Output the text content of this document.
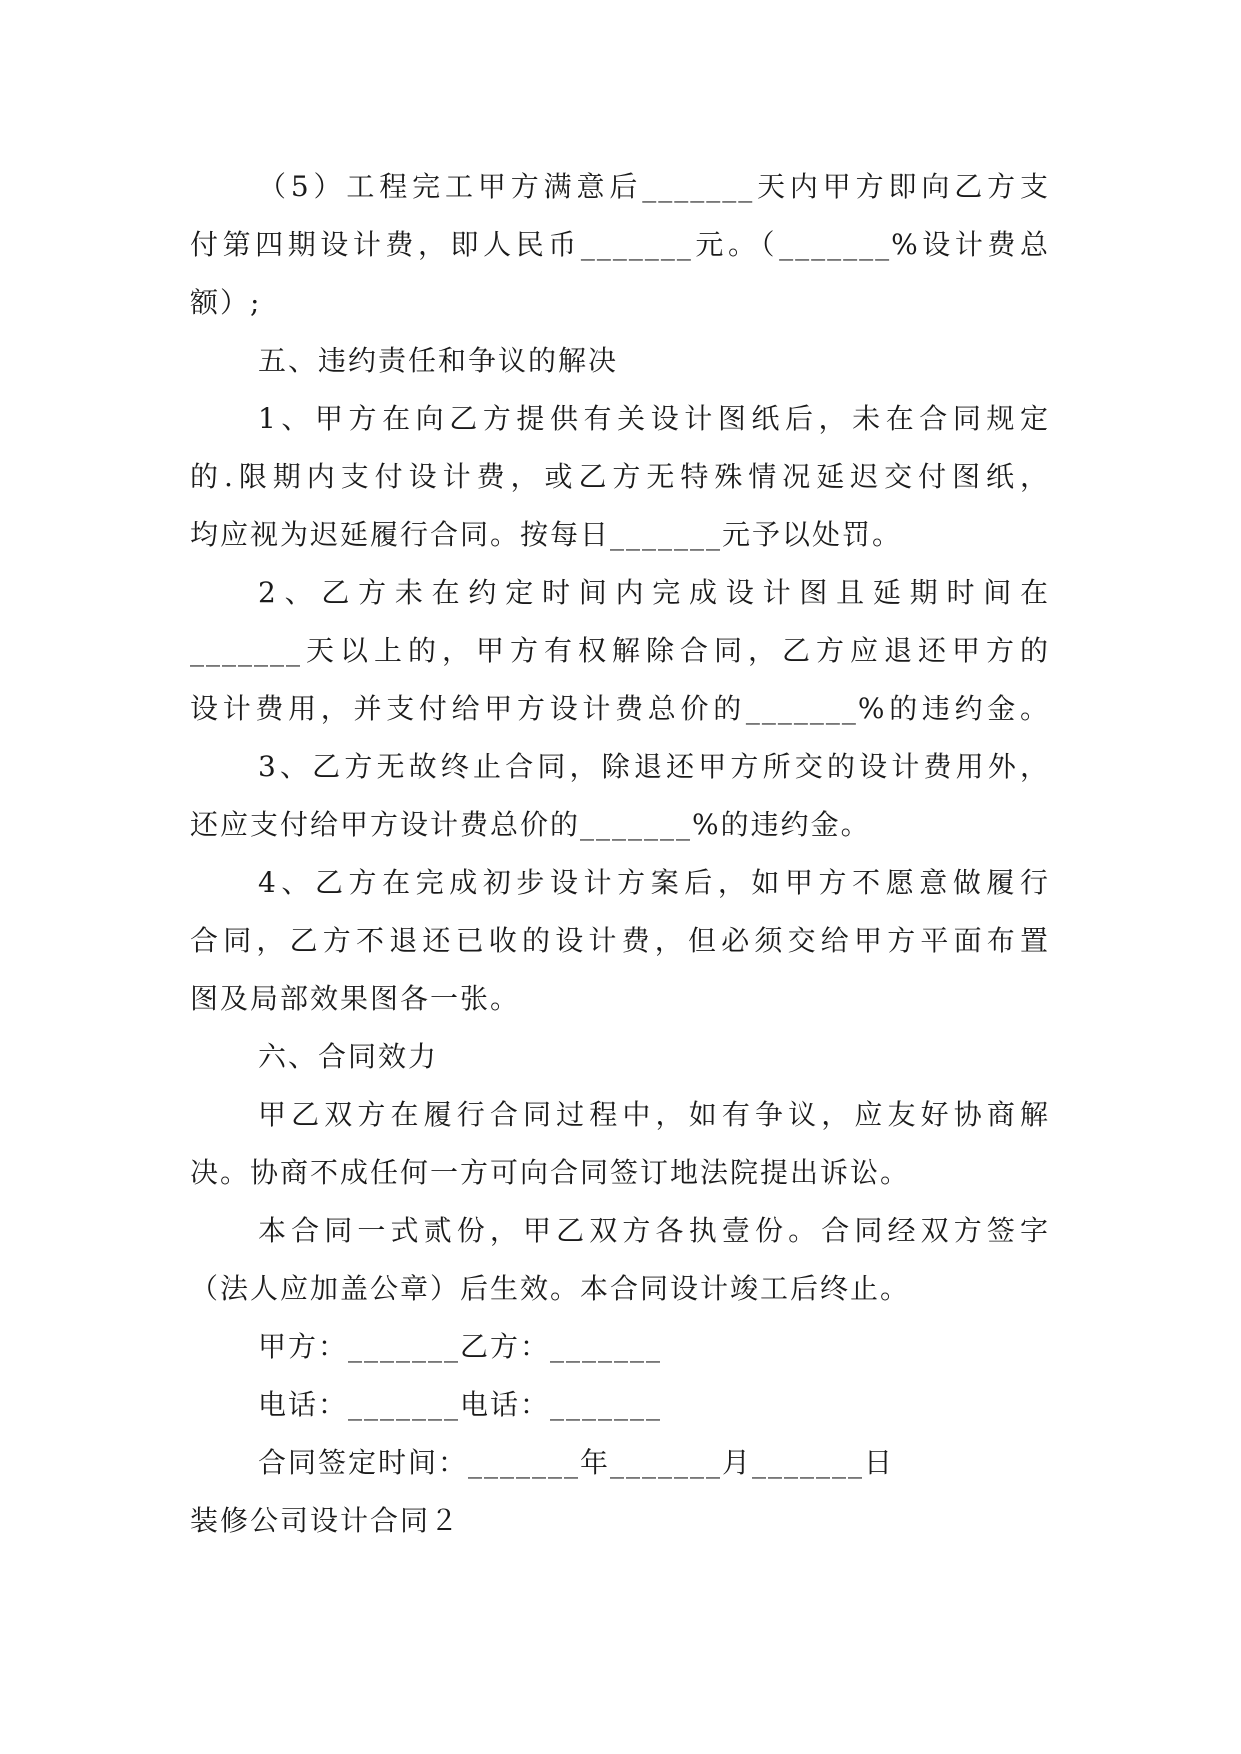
（5）工程完工甲方满意后_______天内甲方即向乙方支
付第四期设计费，即人民币_______元。（_______%设计费总
额）;
五、违约责任和争议的解决
1、甲方在向乙方提供有关设计图纸后，未在合同规定
的.限期内支付设计费，或乙方无特殊情况延迟交付图纸，
均应视为迟延履行合同。按每日_______元予以处罚。
2、乙方未在约定时间内完成设计图且延期时间在
_______天以上的，甲方有权解除合同，乙方应退还甲方的
设计费用，并支付给甲方设计费总价的_______%的违约金。
3、乙方无故终止合同，除退还甲方所交的设计费用外，
还应支付给甲方设计费总价的_______%的违约金。
4、乙方在完成初步设计方案后，如甲方不愿意做履行
合同，乙方不退还已收的设计费，但必须交给甲方平面布置
图及局部效果图各一张。
六、合同效力
甲乙双方在履行合同过程中，如有争议，应友好协商解
决。协商不成任何一方可向合同签订地法院提出诉讼。
本合同一式贰份，甲乙双方各执壹份。合同经双方签字
（法人应加盖公章）后生效。本合同设计竣工后终止。
甲方：_______乙方：_______
电话：_______电话：_______
合同签定时间：_______年_______月_______日
装修公司设计合同２
